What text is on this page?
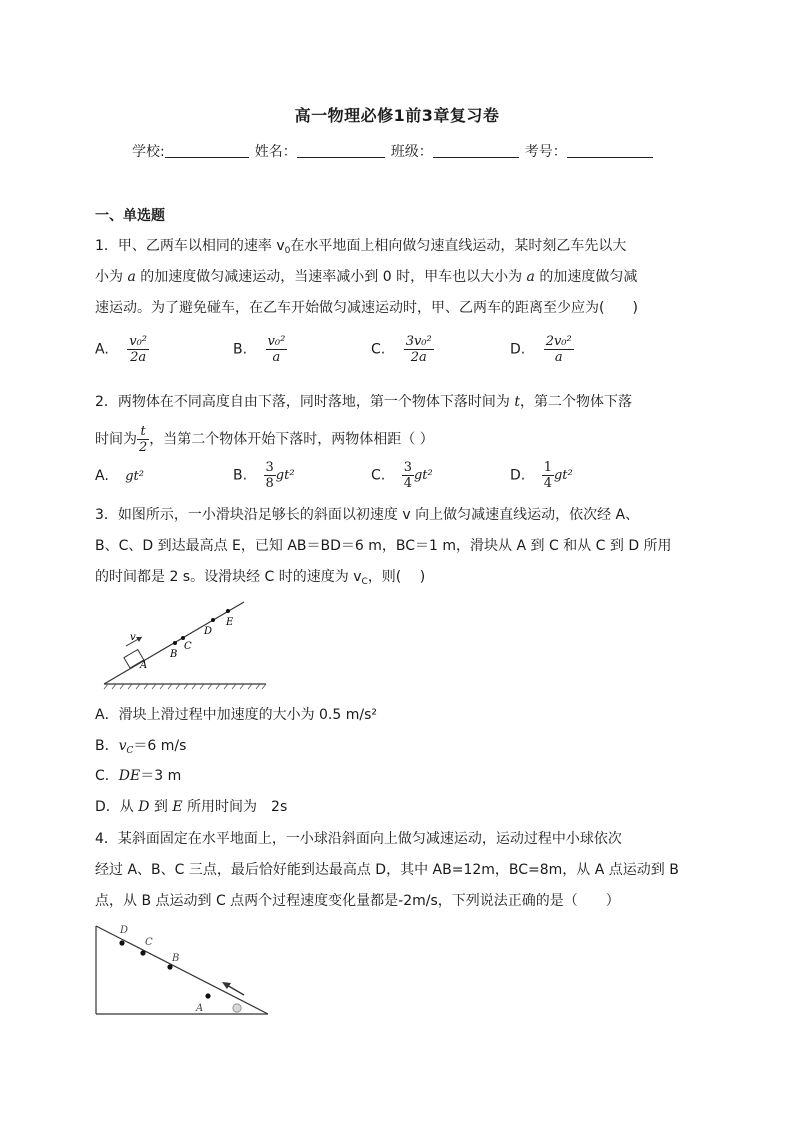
高一物理必修1前3章复习卷
学校:	姓名：	班级：	考号：
一、单选题
1．甲、乙两车以相同的速率 $v_0$在水平地面上相向做匀速直线运动，某时刻乙车先以大
小为 a 的加速度做匀减速运动，当速率减小到 0 时，甲车也以大小为 a 的加速度做匀减
速运动。为了避免碰车，在乙车开始做匀减速运动时，甲、乙两车的距离至少应为(　　)
A. $\frac{\text{v₀²}}{2a}$	B. $\frac{\text{v₀²}}{a}$	C. $\frac{\text{3v₀²}}{2a}$	D. $\frac{\text{2v₀²}}{a}$
2．两物体在不同高度自由下落，同时落地，第一个物体下落时间为 t，第二个物体下落
时间为 $\frac{t}{2}$ ，当第二个物体开始下落时，两物体相距（ ）
A. gt²	B. $\frac{3}{8} gt^2$	C. $\frac{3}{4} gt^2$	D. $\frac{1}{4} gt^2$
3．如图所示，一小滑块沿足够长的斜面以初速度 v 向上做匀减速直线运动，依次经 A、
B、C、D 到达最高点 E，已知 AB＝BD＝6 m，BC＝1 m，滑块从 A 到 C 和从 C 到 D 所用
的时间都是 2 s。设滑块经 C 时的速度为 $v_C$，则(　 )
v
A
B
C
D
E
A．滑块上滑过程中加速度的大小为 0.5 m/s²
B．$v_C=6$ m/s
C．DE＝3 m
D．从 D 到 E 所用时间为　2s
4．某斜面固定在水平地面上，一小球沿斜面向上做匀减速运动，运动过程中小球依次
经过 A、B、C 三点，最后恰好能到达最高点 D，其中 AB=12m，BC=8m，从 A 点运动到 B
点，从 B 点运动到 C 点两个过程速度变化量都是-2m/s，下列说法正确的是（　　）
D
C
B
A
